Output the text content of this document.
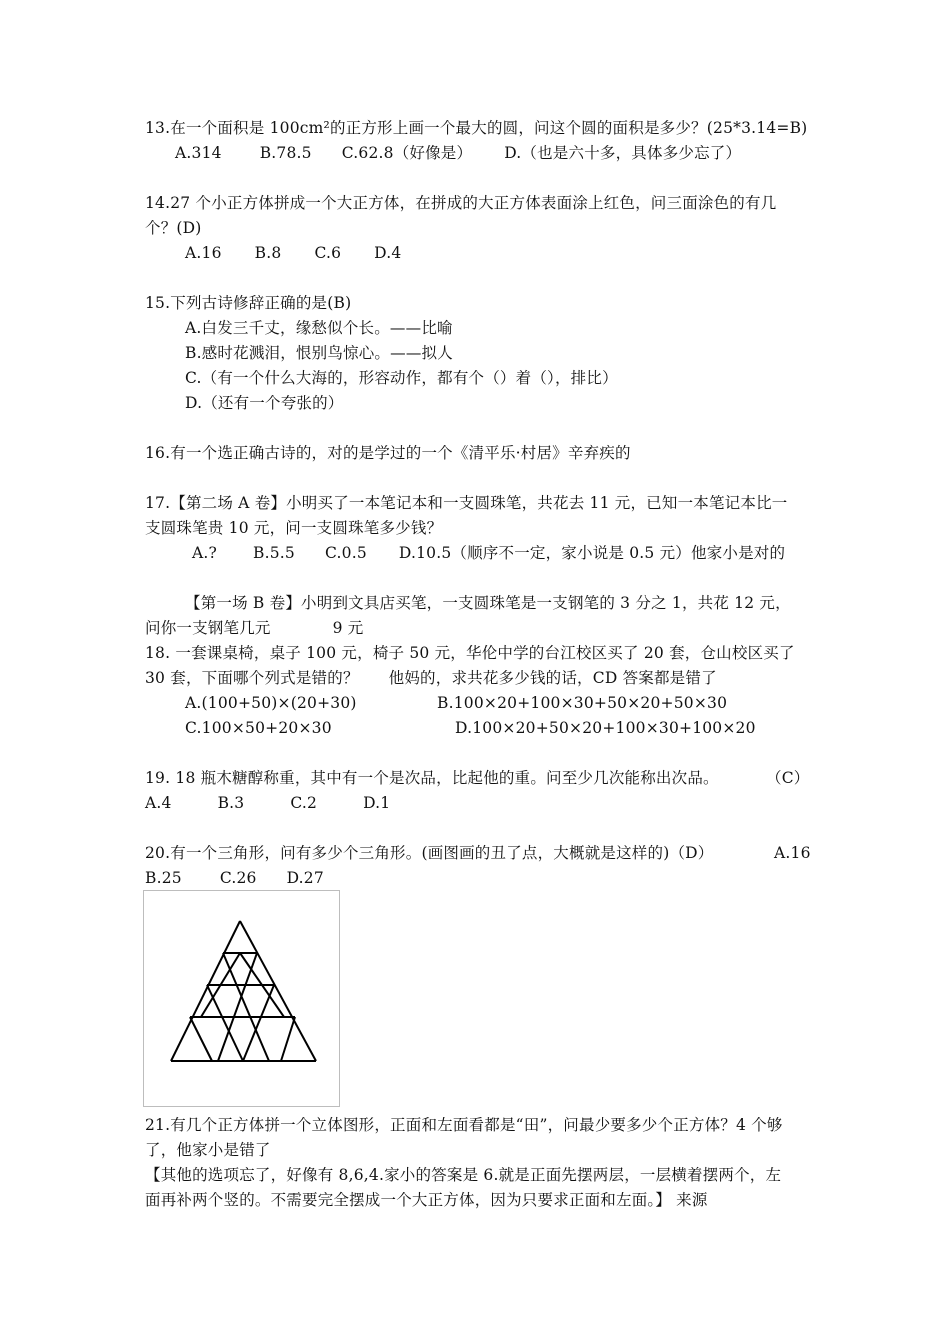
13.在一个面积是 100cm²的正方形上画一个最大的圆，问这个圆的面积是多少？(25*3.14=B)
A.314 B.78.5 C.62.8（好像是） D.（也是六十多，具体多少忘了）
14.27 个小正方体拼成一个大正方体，在拼成的大正方体表面涂上红色，问三面涂色的有几
个？(D)
A.16 B.8 C.6 D.4
15.下列古诗修辞正确的是(B)
A.白发三千丈，缘愁似个长。——比喻
B.感时花溅泪，恨别鸟惊心。——拟人
C.（有一个什么大海的，形容动作，都有个（）着（），排比）
D.（还有一个夸张的）
16.有一个选正确古诗的，对的是学过的一个《清平乐·村居》辛弃疾的
17.【第二场 A 卷】小明买了一本笔记本和一支圆珠笔，共花去 11 元，已知一本笔记本比一
支圆珠笔贵 10 元，问一支圆珠笔多少钱？
A.? B.5.5 C.0.5 D.10.5（顺序不一定，家小说是 0.5 元）他家小是对的
【第一场 B 卷】小明到文具店买笔，一支圆珠笔是一支钢笔的 3 分之 1，共花 12 元，
问你一支钢笔几元	9 元
18. 一套课桌椅，桌子 100 元，椅子 50 元，华伦中学的台江校区买了 20 套，仓山校区买了
30 套，下面哪个列式是错的？ 他妈的，求共花多少钱的话，CD 答案都是错了
A.(100+50)×(20+30)	B.100×20+100×30+50×20+50×30
C.100×50+20×30	D.100×20+50×20+100×30+100×20
19. 18 瓶木糖醇称重，其中有一个是次品，比起他的重。问至少几次能称出次品。	（C）
A.4	B.3	C.2	D.1
20.有一个三角形，问有多少个三角形。(画图画的丑了点，大概就是这样的)（D）	A.16
B.25 C.26 D.27
21.有几个正方体拼一个立体图形，正面和左面看都是“田”，问最少要多少个正方体？4 个够
了，他家小是错了
【其他的选项忘了，好像有 8,6,4.家小的答案是 6.就是正面先摆两层，一层横着摆两个，左
面再补两个竖的。不需要完全摆成一个大正方体，因为只要求正面和左面。】 来源
